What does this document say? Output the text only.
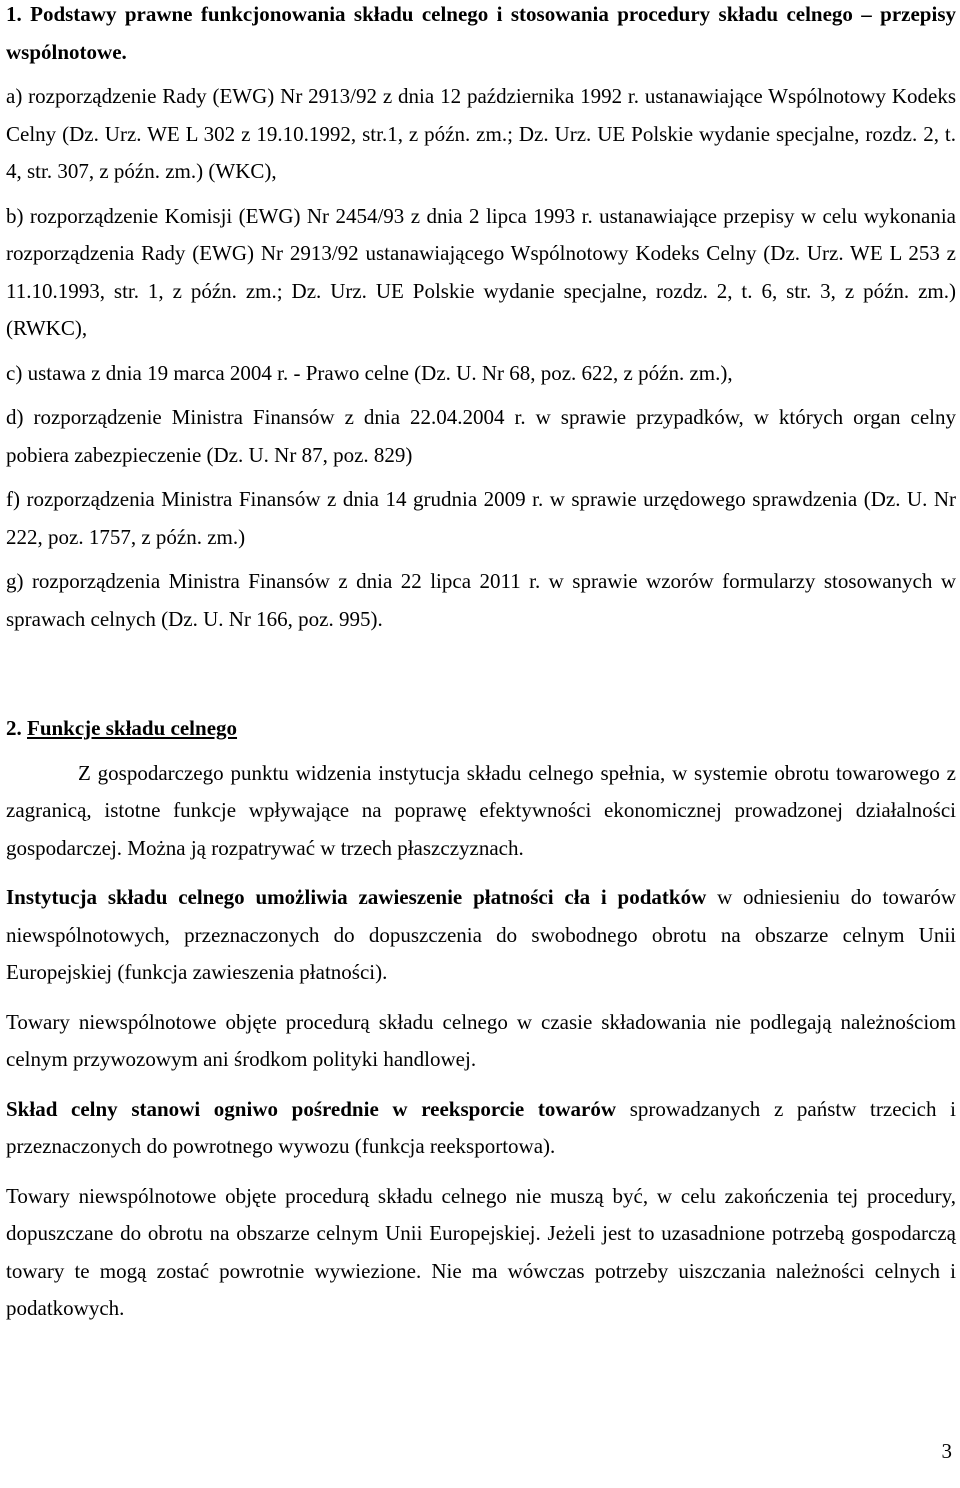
1. Podstawy prawne funkcjonowania składu celnego i stosowania procedury składu celnego – przepisy wspólnotowe.

a) rozporządzenie Rady (EWG) Nr 2913/92 z dnia 12 października 1992 r. ustanawiające Wspólnotowy Kodeks Celny (Dz. Urz. WE L 302 z 19.10.1992, str.1, z późn. zm.; Dz. Urz. UE Polskie wydanie specjalne, rozdz. 2, t. 4, str. 307, z późn. zm.) (WKC),

b) rozporządzenie Komisji (EWG) Nr 2454/93 z dnia 2 lipca 1993 r. ustanawiające przepisy w celu wykonania rozporządzenia Rady (EWG) Nr 2913/92 ustanawiającego Wspólnotowy Kodeks Celny (Dz. Urz. WE L 253 z 11.10.1993, str. 1, z późn. zm.; Dz. Urz. UE Polskie wydanie specjalne, rozdz. 2, t. 6, str. 3, z późn. zm.) (RWKC),

c) ustawa z dnia 19 marca 2004 r. - Prawo celne (Dz. U. Nr 68, poz. 622, z późn. zm.),

d) rozporządzenie Ministra Finansów z dnia 22.04.2004 r. w sprawie przypadków, w których organ celny pobiera zabezpieczenie (Dz. U. Nr 87, poz. 829)

f) rozporządzenia Ministra Finansów z dnia 14 grudnia 2009 r. w sprawie urzędowego sprawdzenia (Dz. U. Nr 222, poz. 1757, z późn. zm.)

g) rozporządzenia Ministra Finansów z dnia 22 lipca 2011 r. w sprawie wzorów formularzy stosowanych w sprawach celnych (Dz. U. Nr 166, poz. 995).

2. Funkcje składu celnego

Z gospodarczego punktu widzenia instytucja składu celnego spełnia, w systemie obrotu towarowego z zagranicą, istotne funkcje wpływające na poprawę efektywności ekonomicznej prowadzonej działalności gospodarczej. Można ją rozpatrywać w trzech płaszczyznach.

Instytucja składu celnego umożliwia zawieszenie płatności cła i podatków w odniesieniu do towarów niewspólnotowych, przeznaczonych do dopuszczenia do swobodnego obrotu na obszarze celnym Unii Europejskiej (funkcja zawieszenia płatności).

Towary niewspólnotowe objęte procedurą składu celnego w czasie składowania nie podlegają należnościom celnym przywozowym ani środkom polityki handlowej.

Skład celny stanowi ogniwo pośrednie w reeksporcie towarów sprowadzanych z państw trzecich i przeznaczonych do powrotnego wywozu (funkcja reeksportowa).

Towary niewspólnotowe objęte procedurą składu celnego nie muszą być, w celu zakończenia tej procedury, dopuszczane do obrotu na obszarze celnym Unii Europejskiej. Jeżeli jest to uzasadnione potrzebą gospodarczą towary te mogą zostać powrotnie wywiezione. Nie ma wówczas potrzeby uiszczania należności celnych i podatkowych.

3
